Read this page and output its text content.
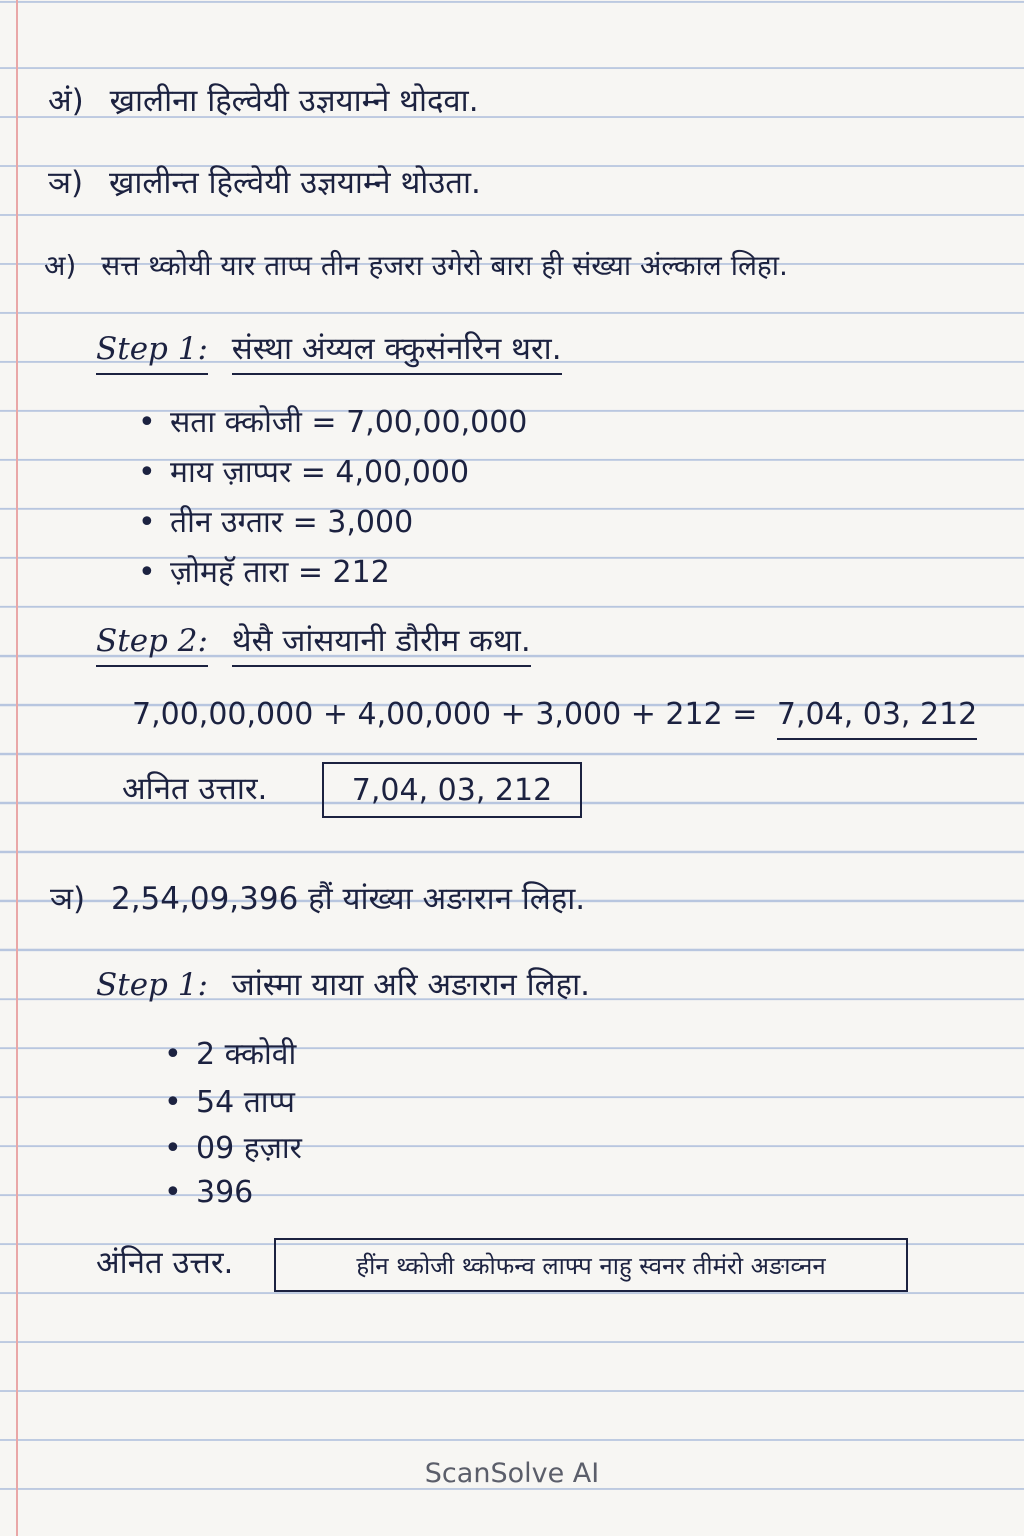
अं) ख्रालीना हिल्वेयी उज्ञयाम्ने थोदवा.
ञ) ख्रालीन्त हिल्वेयी उज्ञयाम्ने थोउता.
अ) सत्त थ्कोयी यार ताप्प तीन हजरा उगेरो बारा ही संख्या अंल्काल लिहा.
Step 1: संस्था अंय्यल क्कुसंनरिन थरा.
• सता क्कोजी = 7,00,00,000
• माय ज़ाप्पर = 4,00,000
• तीन उग्तार = 3,000
• ज़ोमहॅ तारा = 212
Step 2: थेसै जांसयानी डौरीम कथा.
7,00,00,000 + 4,00,000 + 3,000 + 212 = 7,04, 03, 212
अनित उत्तार.	7,04, 03, 212
ञ) 2,54,09,396 हौं यांख्या अङारान लिहा.
Step 1: जांस्मा याया अरि अङारान लिहा.
• 2 क्कोवी
• 54 ताप्प
• 09 हज़ार
• 396
अंनित उत्तर.	हींन थ्कोजी थ्कोफन्व लाफ्प नाहु स्वनर तीमंरो अङाव्नन
ScanSolve AI
